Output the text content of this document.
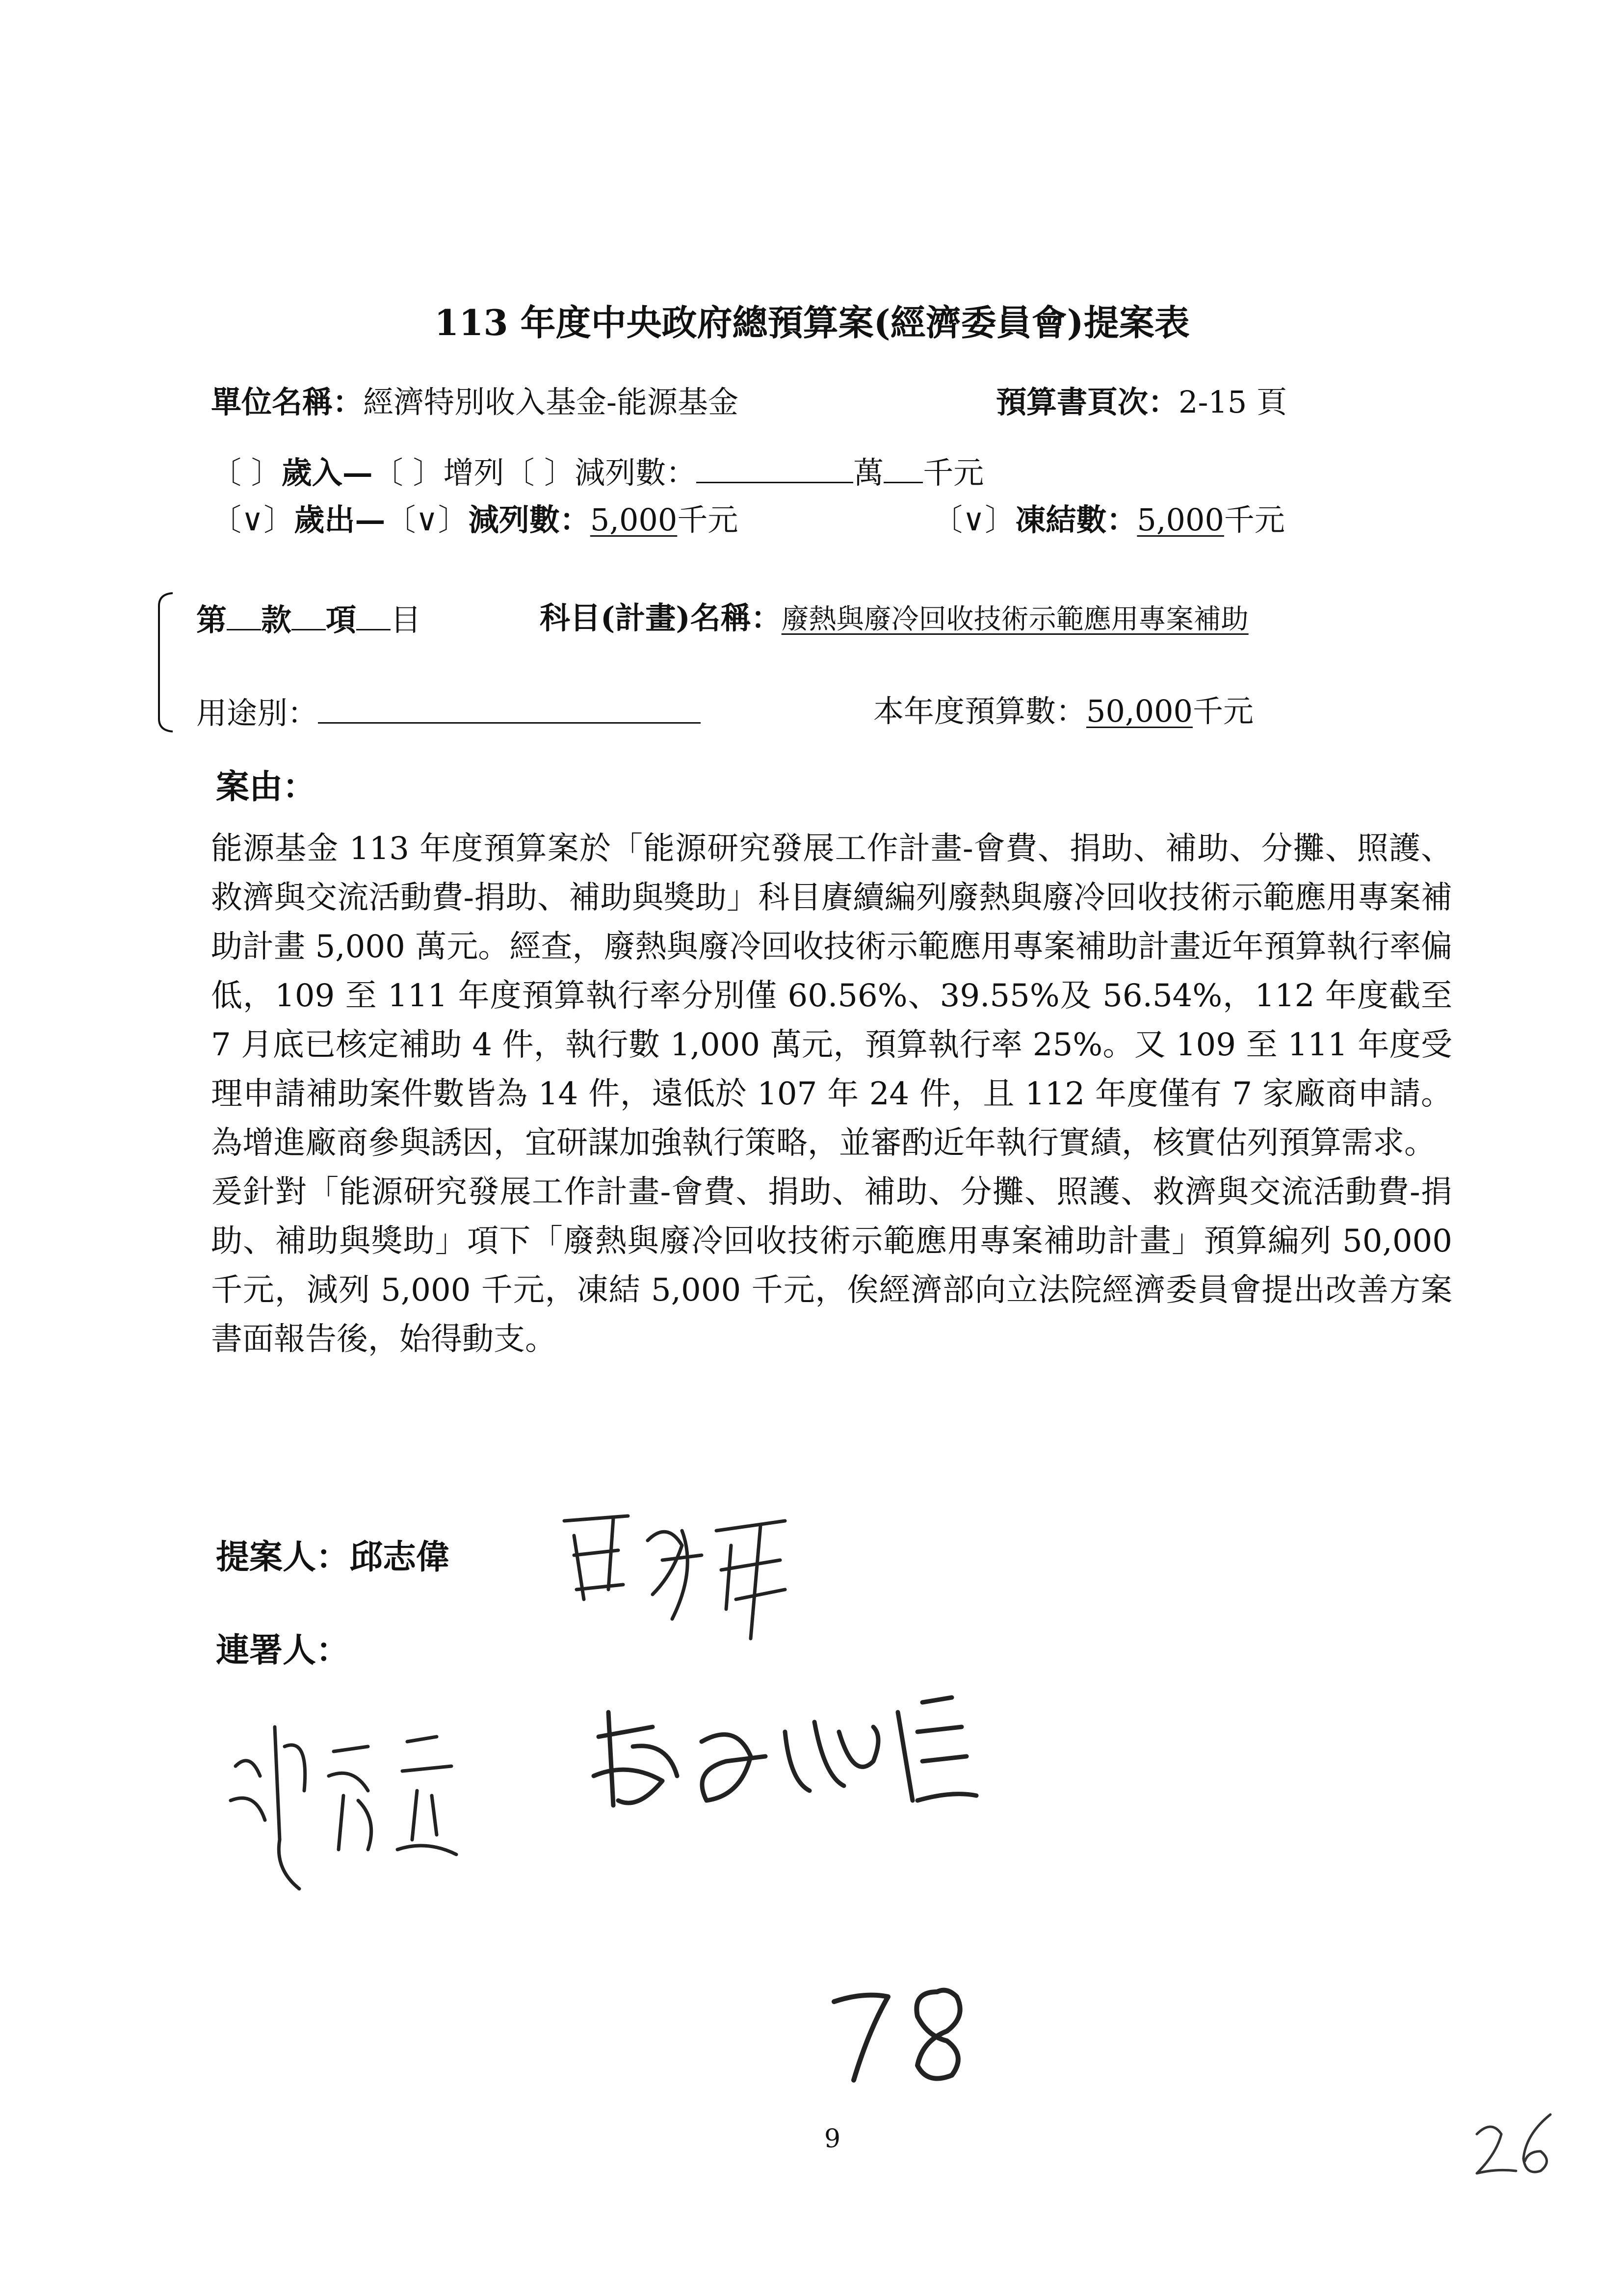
113 年度中央政府總預算案(經濟委員會)提案表
單位名稱：經濟特別收入基金-能源基金	預算書頁次：2-15 頁
〔 〕歲入—〔 〕增列〔 〕減列數：	萬 千元
〔∨〕歲出—〔∨〕減列數：5,000千元	〔∨〕凍結數：5,000千元
第 款 項 目	科目(計畫)名稱：廢熱與廢冷回收技術示範應用專案補助
用途別：	本年度預算數：50,000千元
案由：

能源基金 113 年度預算案於「能源研究發展工作計畫-會費、捐助、補助、分攤、照護、救濟與交流活動費-捐助、補助與獎助」科目賡續編列廢熱與廢冷回收技術示範應用專案補助計畫 5,000 萬元。經查，廢熱與廢冷回收技術示範應用專案補助計畫近年預算執行率偏低，109 至 111 年度預算執行率分別僅 60.56%、39.55%及 56.54%，112 年度截至 7 月底已核定補助 4 件，執行數 1,000 萬元，預算執行率 25%。又 109 至 111 年度受理申請補助案件數皆為 14 件，遠低於 107 年 24 件，且 112 年度僅有 7 家廠商申請。為增進廠商參與誘因，宜研謀加強執行策略，並審酌近年執行實績，核實估列預算需求。

爰針對「能源研究發展工作計畫-會費、捐助、補助、分攤、照護、救濟與交流活動費-捐助、補助與獎助」項下「廢熱與廢冷回收技術示範應用專案補助計畫」預算編列 50,000 千元，減列 5,000 千元，凍結 5,000 千元，俟經濟部向立法院經濟委員會提出改善方案書面報告後，始得動支。

提案人：邱志偉
連署人：
9
